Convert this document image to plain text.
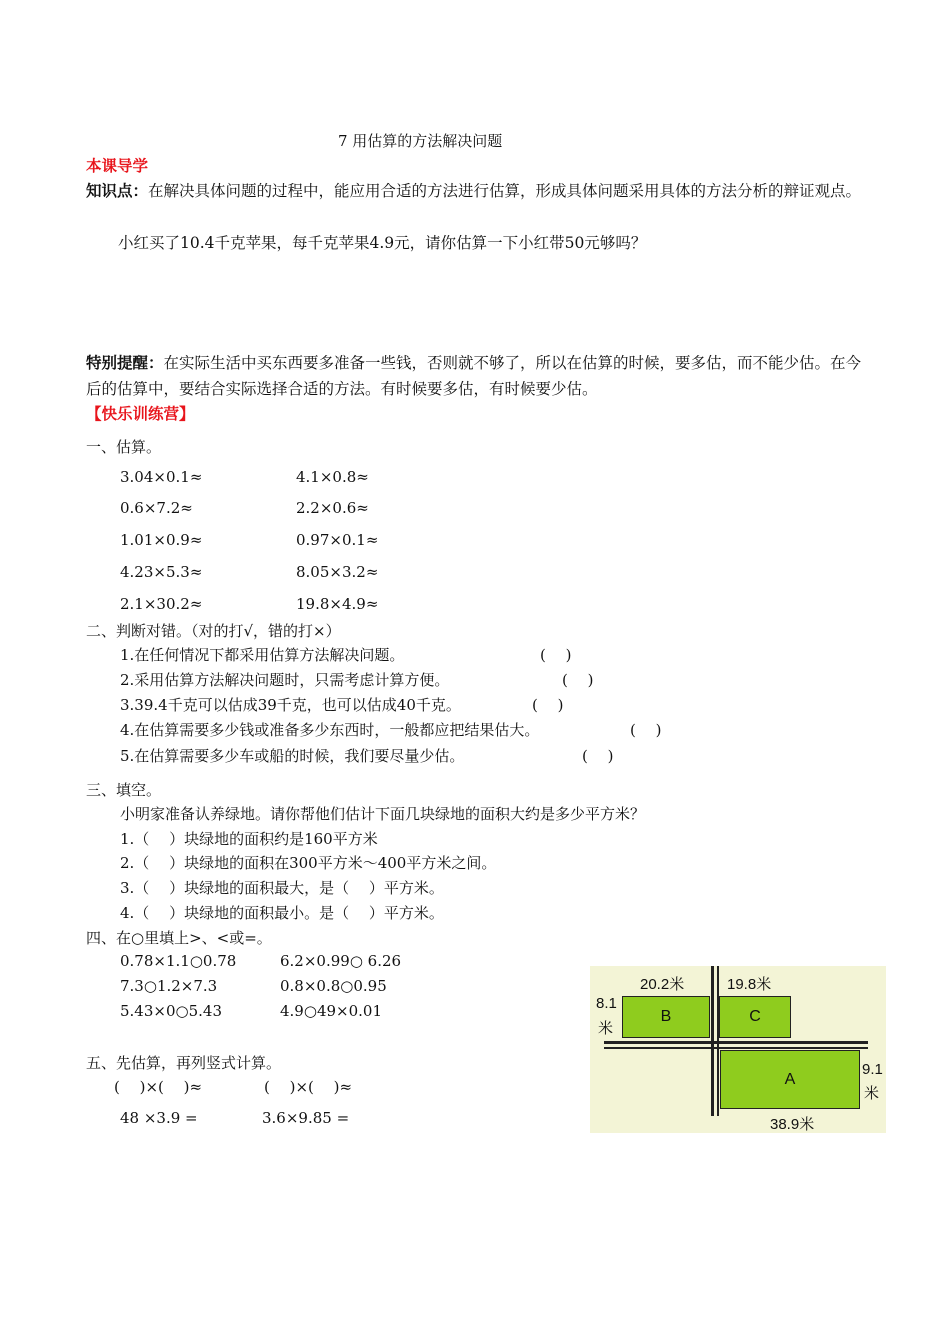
7 用估算的方法解决问题
本课导学
知识点：在解决具体问题的过程中，能应用合适的方法进行估算，形成具体问题采用具体的方法分析的辩证观点。
小红买了10.4千克苹果，每千克苹果4.9元，请你估算一下小红带50元够吗？
特别提醒：在实际生活中买东西要多准备一些钱，否则就不够了，所以在估算的时候，要多估，而不能少估。在今后的估算中，要结合实际选择合适的方法。有时候要多估，有时候要少估。
【快乐训练营】
一、估算。
3.04×0.1≈	4.1×0.8≈
0.6×7.2≈	2.2×0.6≈
1.01×0.9≈	0.97×0.1≈
4.23×5.3≈	8.05×3.2≈
2.1×30.2≈	19.8×4.9≈
二、判断对错。（对的打√，错的打×）
1.在任何情况下都采用估算方法解决问题。	(　 )
2.采用估算方法解决问题时，只需考虑计算方便。	(　 )
3.39.4千克可以估成39千克，也可以估成40千克。	(　 )
4.在估算需要多少钱或准备多少东西时，一般都应把结果估大。	(　 )
5.在估算需要多少车或船的时候，我们要尽量少估。	(　 )
三、填空。
小明家准备认养绿地。请你帮他们估计下面几块绿地的面积大约是多少平方米？
1.（　 ）块绿地的面积约是160平方米
2.（　 ）块绿地的面积在300平方米～400平方米之间。
3.（　 ）块绿地的面积最大，是（　 ）平方米。
4.（　 ）块绿地的面积最小。是（　 ）平方米。
四、在○里填上>、<或=。
0.78×1.1○0.78	6.2×0.99○ 6.26
7.3○1.2×7.3	0.8×0.8○0.95
5.43×0○5.43	4.9○49×0.01
五、先估算，再列竖式计算。
(　 )×(　 )≈	(　 )×(　 )≈
48 ×3.9 =	3.6×9.85 =
B	C
A
20.2米	19.8米
8.1
米
9.1
米
38.9米
